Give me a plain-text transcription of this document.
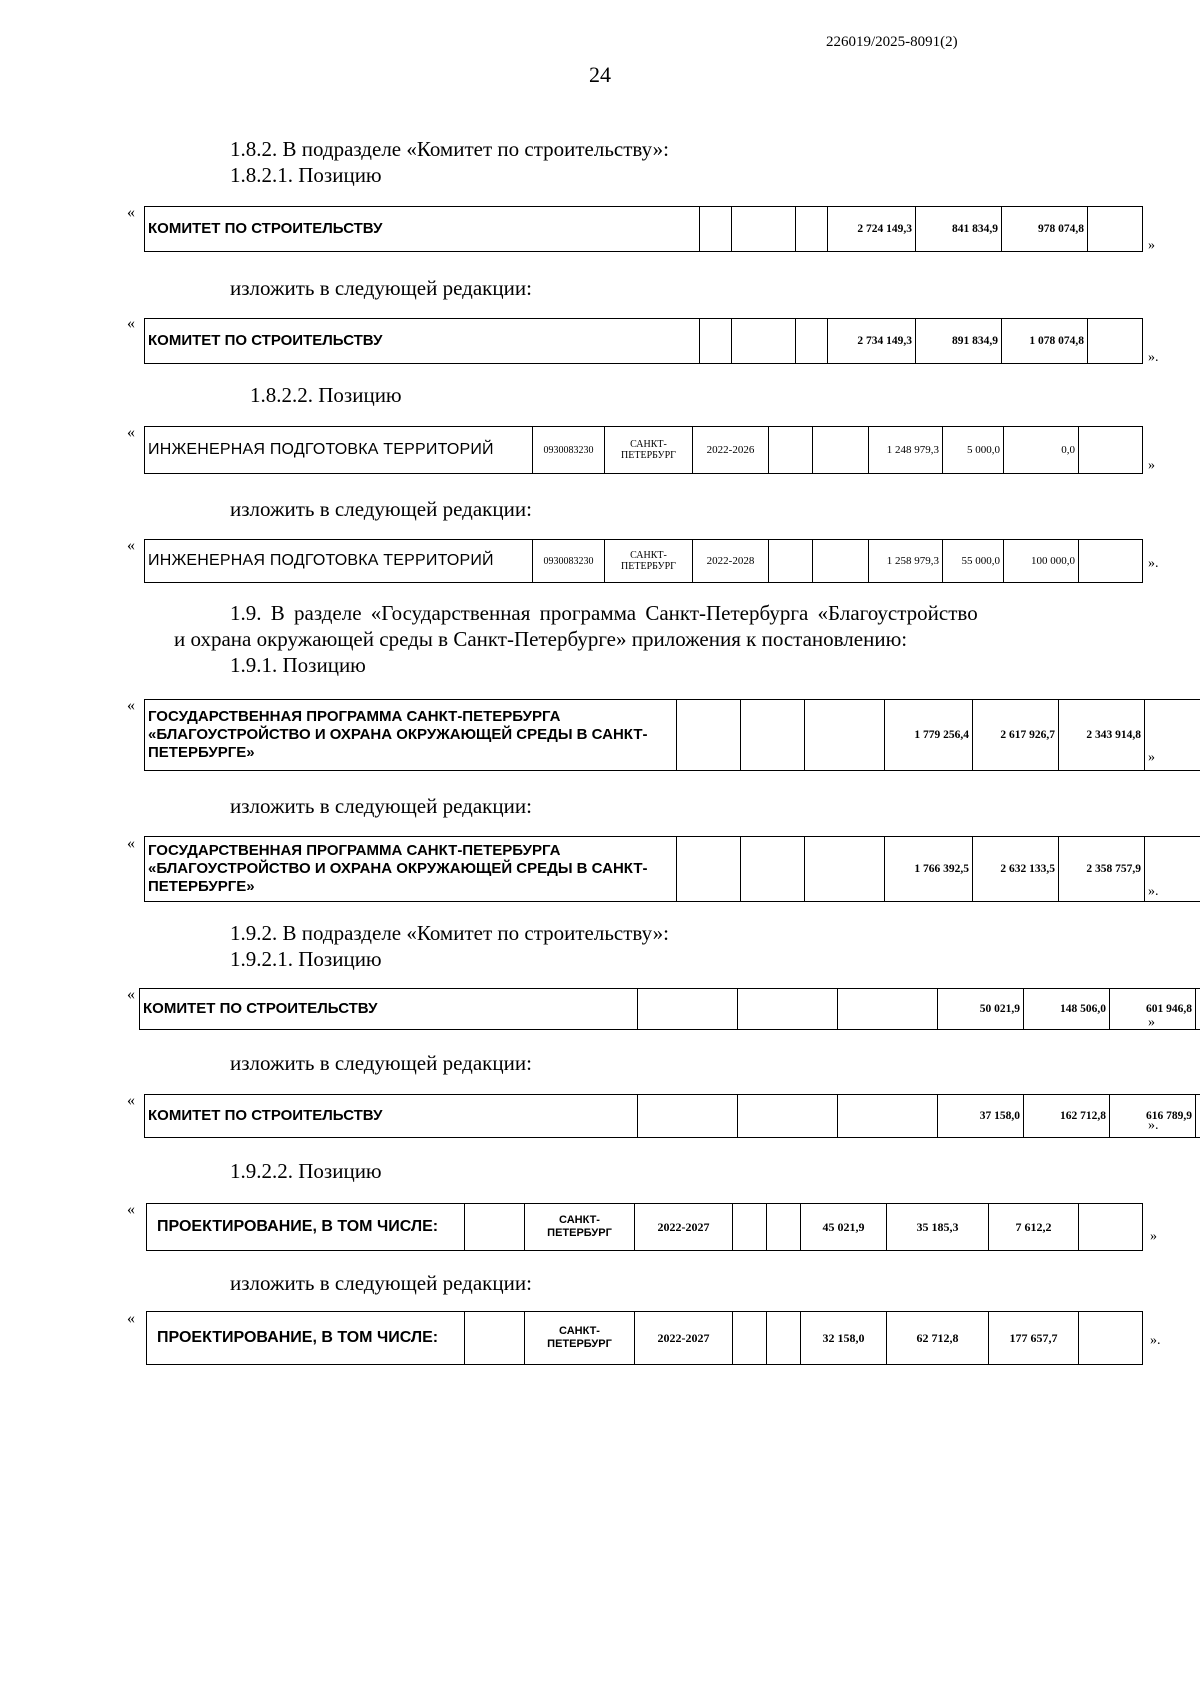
226019/2025-8091(2)
24
1.8.2. В подразделе «Комитет по строительству»:
1.8.2.1. Позицию
«
КОМИТЕТ ПО СТРОИТЕЛЬСТВУ				2 724 149,3	841 834,9	978 074,8	
»
изложить в следующей редакции:
«
КОМИТЕТ ПО СТРОИТЕЛЬСТВУ				2 734 149,3	891 834,9	1 078 074,8	
».
1.8.2.2. Позицию
«
ИНЖЕНЕРНАЯ ПОДГОТОВКА ТЕРРИТОРИЙ	0930083230	САНКТ-ПЕТЕРБУРГ	2022-2026			1 248 979,3	5 000,0	0,0	
»
изложить в следующей редакции:
«
ИНЖЕНЕРНАЯ ПОДГОТОВКА ТЕРРИТОРИЙ	0930083230	САНКТ-ПЕТЕРБУРГ	2022-2028			1 258 979,3	55 000,0	100 000,0		».
1.9. В разделе «Государственная программа Санкт-Петербурга «Благоустройство
и охрана окружающей среды в Санкт-Петербурге» приложения к постановлению:
1.9.1. Позицию
«
ГОСУДАРСТВЕННАЯ ПРОГРАММА САНКТ-ПЕТЕРБУРГА «БЛАГОУСТРОЙСТВО И ОХРАНА ОКРУЖАЮЩЕЙ СРЕДЫ В САНКТ-ПЕТЕРБУРГЕ»				1 779 256,4	2 617 926,7	2 343 914,8	
»
изложить в следующей редакции:
« ГОСУДАРСТВЕННАЯ ПРОГРАММА САНКТ-ПЕТЕРБУРГА «БЛАГОУСТРОЙСТВО И ОХРАНА ОКРУЖАЮЩЕЙ СРЕДЫ В САНКТ-ПЕТЕРБУРГЕ»				1 766 392,5	2 632 133,5	2 358 757,9	
».
1.9.2. В подразделе «Комитет по строительству»:
1.9.2.1. Позицию
«
КОМИТЕТ ПО СТРОИТЕЛЬСТВУ				50 021,9	148 506,0	601 946,8	
»
изложить в следующей редакции:
«
КОМИТЕТ ПО СТРОИТЕЛЬСТВУ				37 158,0	162 712,8	616 789,9	
».
1.9.2.2. Позицию
«
ПРОЕКТИРОВАНИЕ, В ТОМ ЧИСЛЕ:		САНКТ-ПЕТЕРБУРГ	2022-2027			45 021,9	35 185,3	7 612,2	
»
изложить в следующей редакции:
«
ПРОЕКТИРОВАНИЕ, В ТОМ ЧИСЛЕ:		САНКТ-ПЕТЕРБУРГ	2022-2027			32 158,0	62 712,8	177 657,7		».
